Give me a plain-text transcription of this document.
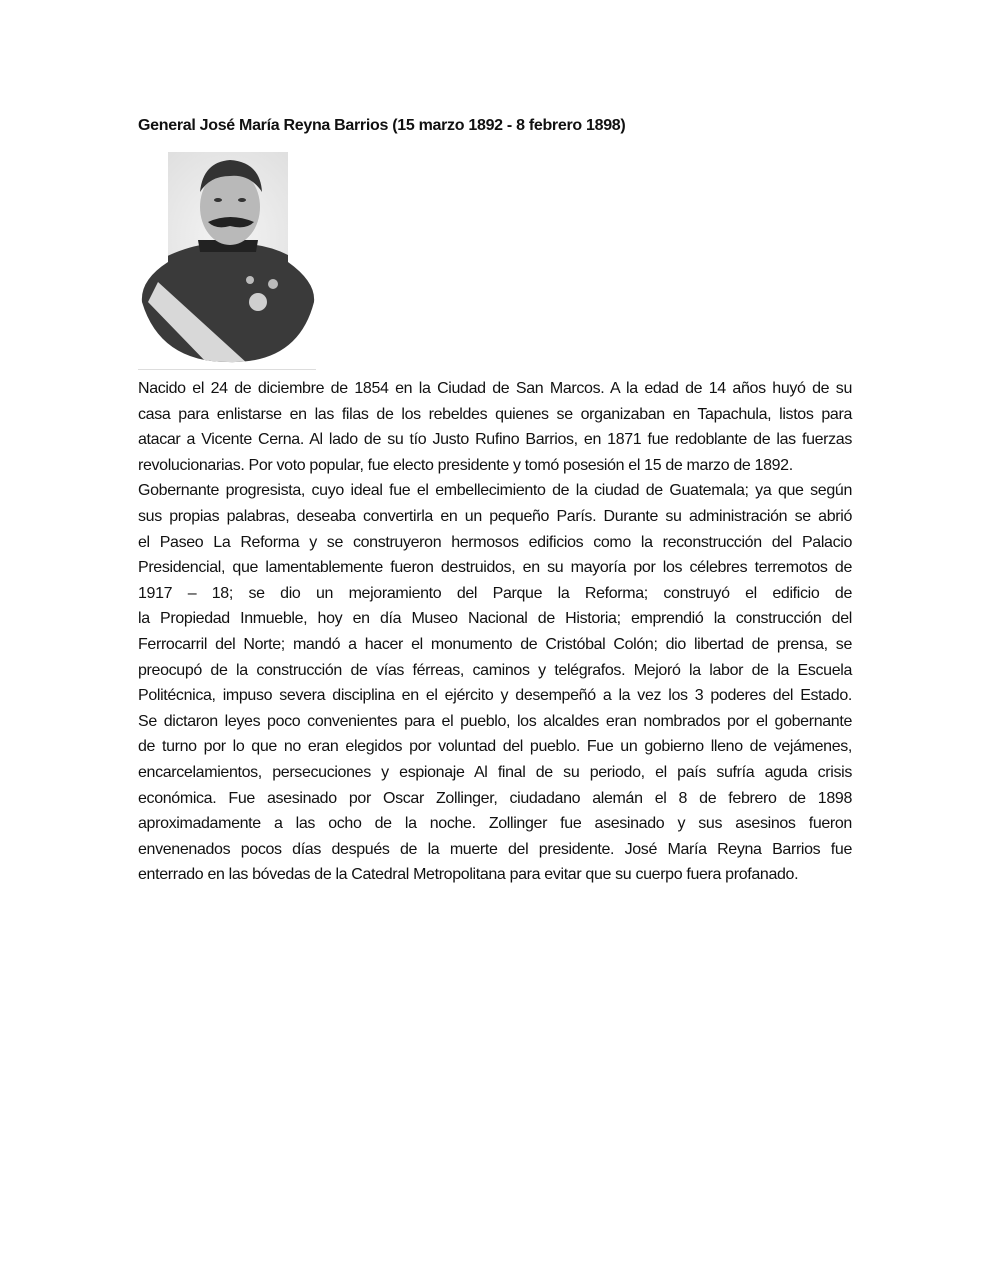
General José María Reyna Barrios (15 marzo 1892 - 8 febrero 1898)
Nacido el 24 de diciembre de 1854 en la Ciudad de San Marcos. A la edad de 14 años huyó de su
casa para enlistarse en las filas de los rebeldes quienes se organizaban en Tapachula, listos para
atacar a Vicente Cerna. Al lado de su tío Justo Rufino Barrios, en 1871 fue redoblante de las fuerzas
revolucionarias. Por voto popular, fue electo presidente y tomó posesión el 15 de marzo de 1892.
Gobernante progresista, cuyo ideal fue el embellecimiento de la ciudad de Guatemala; ya que según
sus propias palabras, deseaba convertirla en un pequeño París. Durante su administración se abrió
el Paseo La Reforma y se construyeron hermosos edificios como la reconstrucción del Palacio
Presidencial, que lamentablemente fueron destruidos, en su mayoría por los célebres terremotos de
1917 – 18; se dio un mejoramiento del Parque la Reforma; construyó el edificio de
la Propiedad Inmueble, hoy en día Museo Nacional de Historia; emprendió la construcción del
Ferrocarril del Norte; mandó a hacer el monumento de Cristóbal Colón; dio libertad de prensa, se
preocupó de la construcción de vías férreas, caminos y telégrafos. Mejoró la labor de la Escuela
Politécnica, impuso severa disciplina en el ejército y desempeñó a la vez los 3 poderes del Estado.
Se dictaron leyes poco convenientes para el pueblo, los alcaldes eran nombrados por el gobernante
de turno por lo que no eran elegidos por voluntad del pueblo. Fue un gobierno lleno de vejámenes,
encarcelamientos, persecuciones y espionaje Al final de su periodo, el país sufría aguda crisis
económica. Fue asesinado por Oscar Zollinger, ciudadano alemán el 8 de febrero de 1898
aproximadamente a las ocho de la noche. Zollinger fue asesinado y sus asesinos fueron
envenenados pocos días después de la muerte del presidente. José María Reyna Barrios fue
enterrado en las bóvedas de la Catedral Metropolitana para evitar que su cuerpo fuera profanado.
